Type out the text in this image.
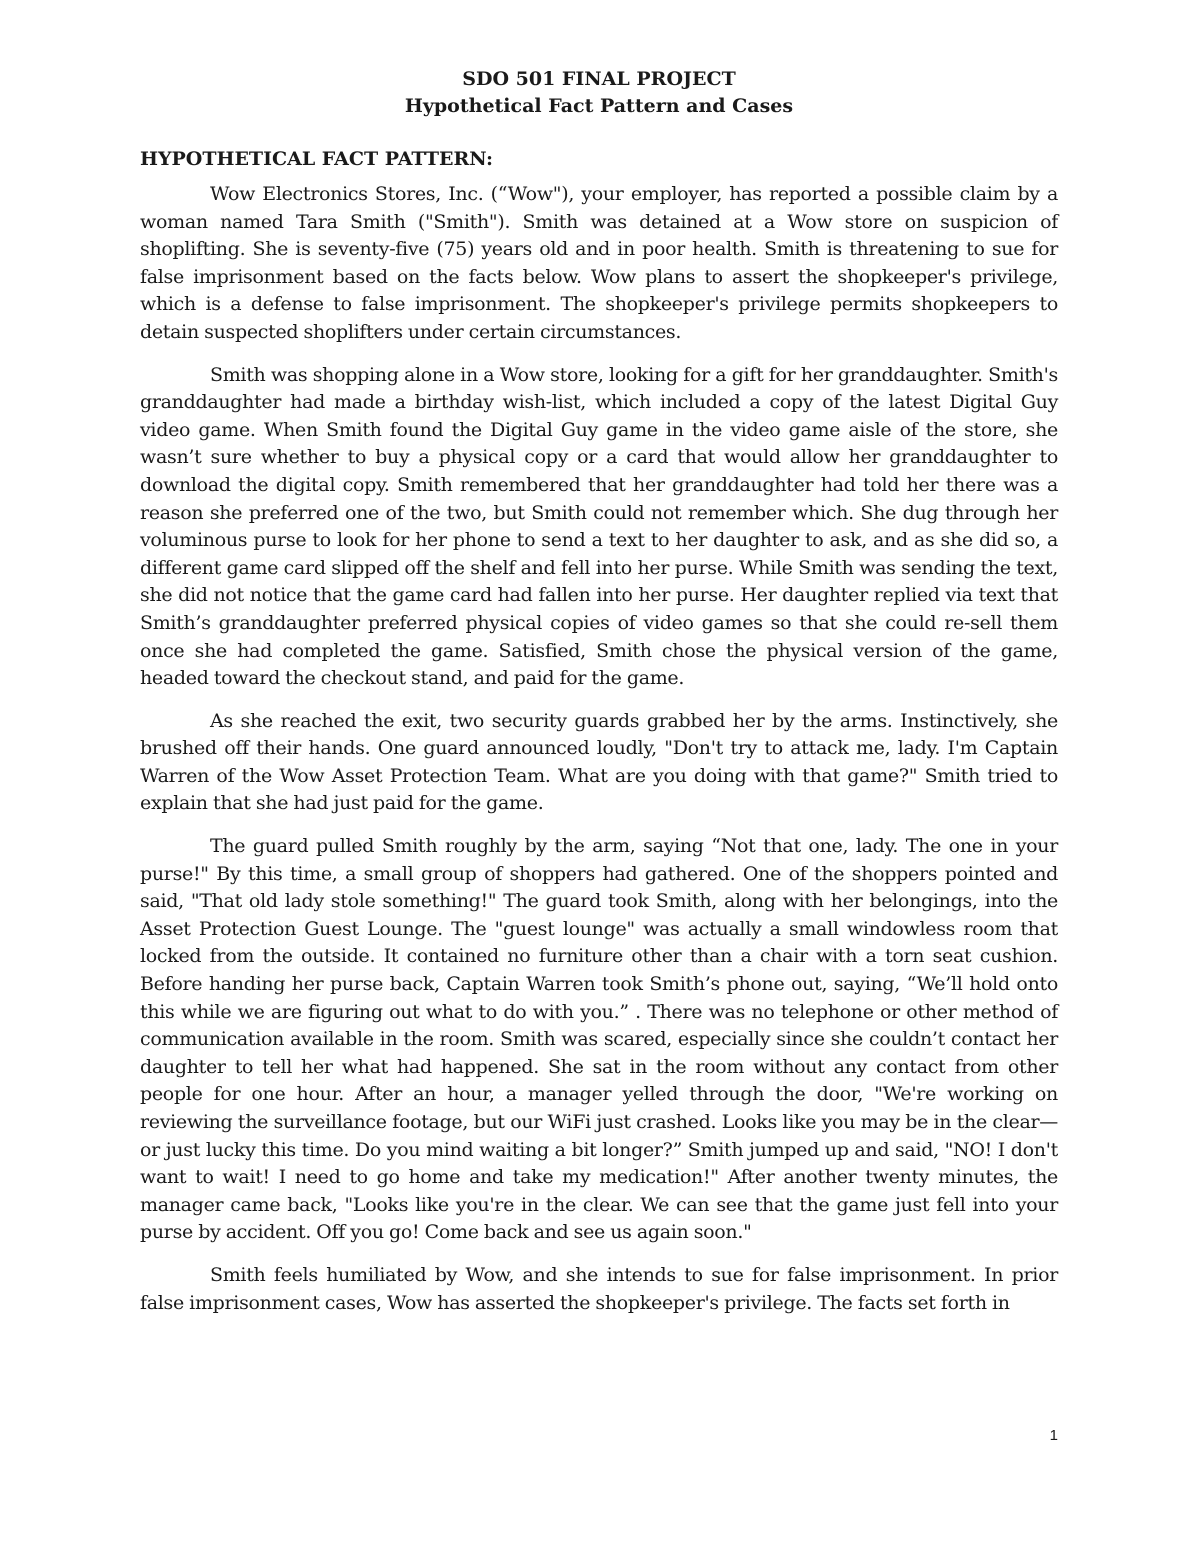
SDO 501 FINAL PROJECT
Hypothetical Fact Pattern and Cases
HYPOTHETICAL FACT PATTERN:

Wow Electronics Stores, Inc. (“Wow"), your employer, has reported a possible claim by a woman named Tara Smith ("Smith"). Smith was detained at a Wow store on suspicion of shoplifting. She is seventy-five (75) years old and in poor health. Smith is threatening to sue for false imprisonment based on the facts below. Wow plans to assert the shopkeeper's privilege, which is a defense to false imprisonment. The shopkeeper's privilege permits shopkeepers to detain suspected shoplifters under certain circumstances.

Smith was shopping alone in a Wow store, looking for a gift for her granddaughter. Smith's granddaughter had made a birthday wish-list, which included a copy of the latest Digital Guy video game. When Smith found the Digital Guy game in the video game aisle of the store, she wasn’t sure whether to buy a physical copy or a card that would allow her granddaughter to download the digital copy. Smith remembered that her granddaughter had told her there was a reason she preferred one of the two, but Smith could not remember which. She dug through her voluminous purse to look for her phone to send a text to her daughter to ask, and as she did so, a different game card slipped off the shelf and fell into her purse. While Smith was sending the text, she did not notice that the game card had fallen into her purse. Her daughter replied via text that Smith’s granddaughter preferred physical copies of video games so that she could re-sell them once she had completed the game. Satisfied, Smith chose the physical version of the game, headed toward the checkout stand, and paid for the game.

As she reached the exit, two security guards grabbed her by the arms. Instinctively, she brushed off their hands. One guard announced loudly, "Don't try to attack me, lady. I'm Captain Warren of the Wow Asset Protection Team. What are you doing with that game?" Smith tried to explain that she had just paid for the game.

The guard pulled Smith roughly by the arm, saying “Not that one, lady. The one in your purse!" By this time, a small group of shoppers had gathered. One of the shoppers pointed and said, "That old lady stole something!" The guard took Smith, along with her belongings, into the Asset Protection Guest Lounge. The "guest lounge" was actually a small windowless room that locked from the outside. It contained no furniture other than a chair with a torn seat cushion. Before handing her purse back, Captain Warren took Smith’s phone out, saying, “We’ll hold onto this while we are figuring out what to do with you.” . There was no telephone or other method of communication available in the room. Smith was scared, especially since she couldn’t contact her daughter to tell her what had happened. She sat in the room without any contact from other people for one hour. After an hour, a manager yelled through the door, "We're working on reviewing the surveillance footage, but our WiFi just crashed. Looks like you may be in the clear—or just lucky this time. Do you mind waiting a bit longer?” Smith jumped up and said, "NO! I don't want to wait! I need to go home and take my medication!" After another twenty minutes, the manager came back, "Looks like you're in the clear. We can see that the game just fell into your purse by accident. Off you go! Come back and see us again soon."

Smith feels humiliated by Wow, and she intends to sue for false imprisonment. In prior false imprisonment cases, Wow has asserted the shopkeeper's privilege. The facts set forth in

1
